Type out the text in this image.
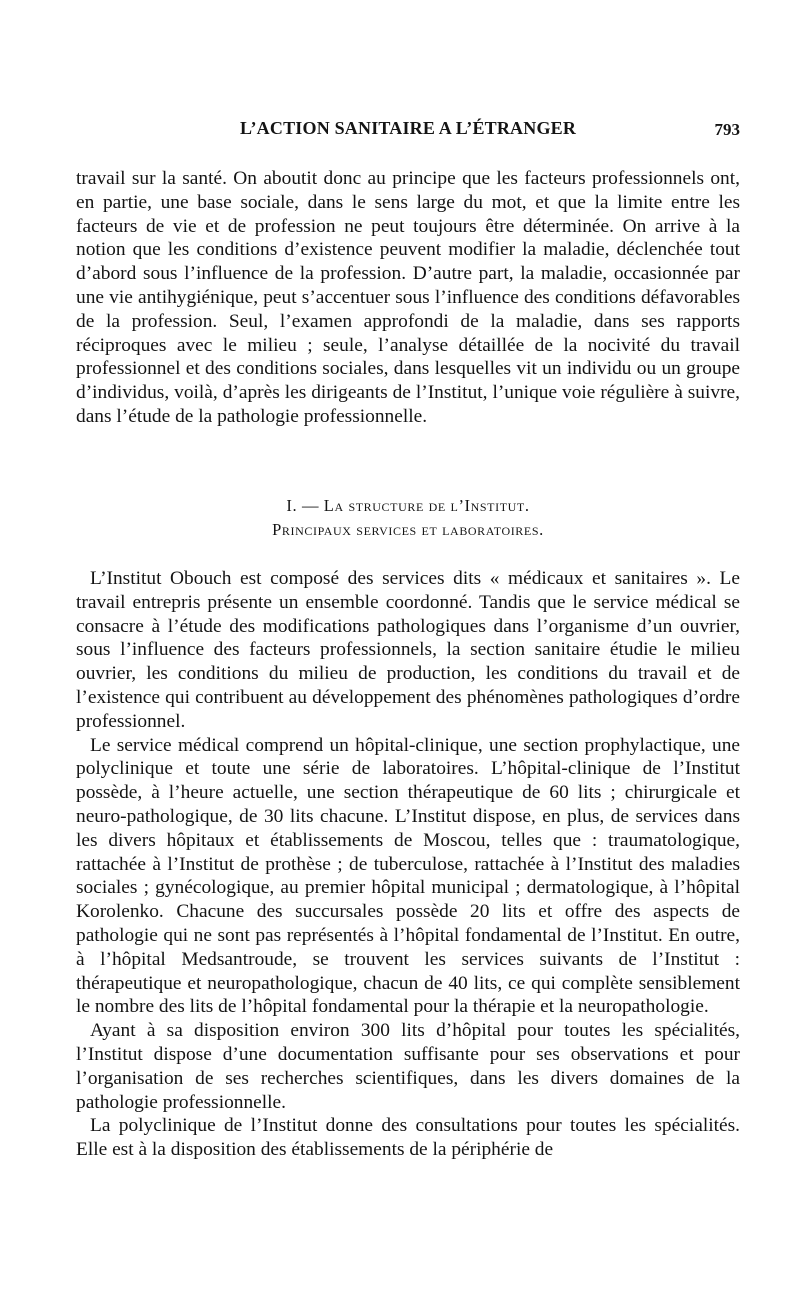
L’ACTION SANITAIRE A L’ÉTRANGER	793

travail sur la santé. On aboutit donc au principe que les facteurs professionnels ont, en partie, une base sociale, dans le sens large du mot, et que la limite entre les facteurs de vie et de profession ne peut toujours être déterminée. On arrive à la notion que les conditions d’existence peuvent modifier la maladie, déclenchée tout d’abord sous l’influence de la profession. D’autre part, la maladie, occasionnée par une vie antihygiénique, peut s’accentuer sous l’influence des conditions défavorables de la profession. Seul, l’examen approfondi de la maladie, dans ses rapports réciproques avec le milieu ; seule, l’analyse détaillée de la nocivité du travail professionnel et des conditions sociales, dans lesquelles vit un individu ou un groupe d’individus, voilà, d’après les dirigeants de l’Institut, l’unique voie régulière à suivre, dans l’étude de la pathologie professionnelle.

I. — La structure de l’Institut.
Principaux services et laboratoires.

L’Institut Obouch est composé des services dits « médicaux et sanitaires ». Le travail entrepris présente un ensemble coordonné. Tandis que le service médical se consacre à l’étude des modifications pathologiques dans l’organisme d’un ouvrier, sous l’influence des facteurs professionnels, la section sanitaire étudie le milieu ouvrier, les conditions du milieu de production, les conditions du travail et de l’existence qui contribuent au développement des phénomènes pathologiques d’ordre professionnel.

Le service médical comprend un hôpital-clinique, une section prophylactique, une polyclinique et toute une série de laboratoires. L’hôpital-clinique de l’Institut possède, à l’heure actuelle, une section thérapeutique de 60 lits ; chirurgicale et neuro-pathologique, de 30 lits chacune. L’Institut dispose, en plus, de services dans les divers hôpitaux et établissements de Moscou, telles que : traumatologique, rattachée à l’Institut de prothèse ; de tuberculose, rattachée à l’Institut des maladies sociales ; gynécologique, au premier hôpital municipal ; dermatologique, à l’hôpital Korolenko. Chacune des succursales possède 20 lits et offre des aspects de pathologie qui ne sont pas représentés à l’hôpital fondamental de l’Institut. En outre, à l’hôpital Medsantroude, se trouvent les services suivants de l’Institut : thérapeutique et neuropathologique, chacun de 40 lits, ce qui complète sensiblement le nombre des lits de l’hôpital fondamental pour la thérapie et la neuropathologie.

Ayant à sa disposition environ 300 lits d’hôpital pour toutes les spécialités, l’Institut dispose d’une documentation suffisante pour ses observations et pour l’organisation de ses recherches scientifiques, dans les divers domaines de la pathologie professionnelle.

La polyclinique de l’Institut donne des consultations pour toutes les spécialités. Elle est à la disposition des établissements de la périphérie de
